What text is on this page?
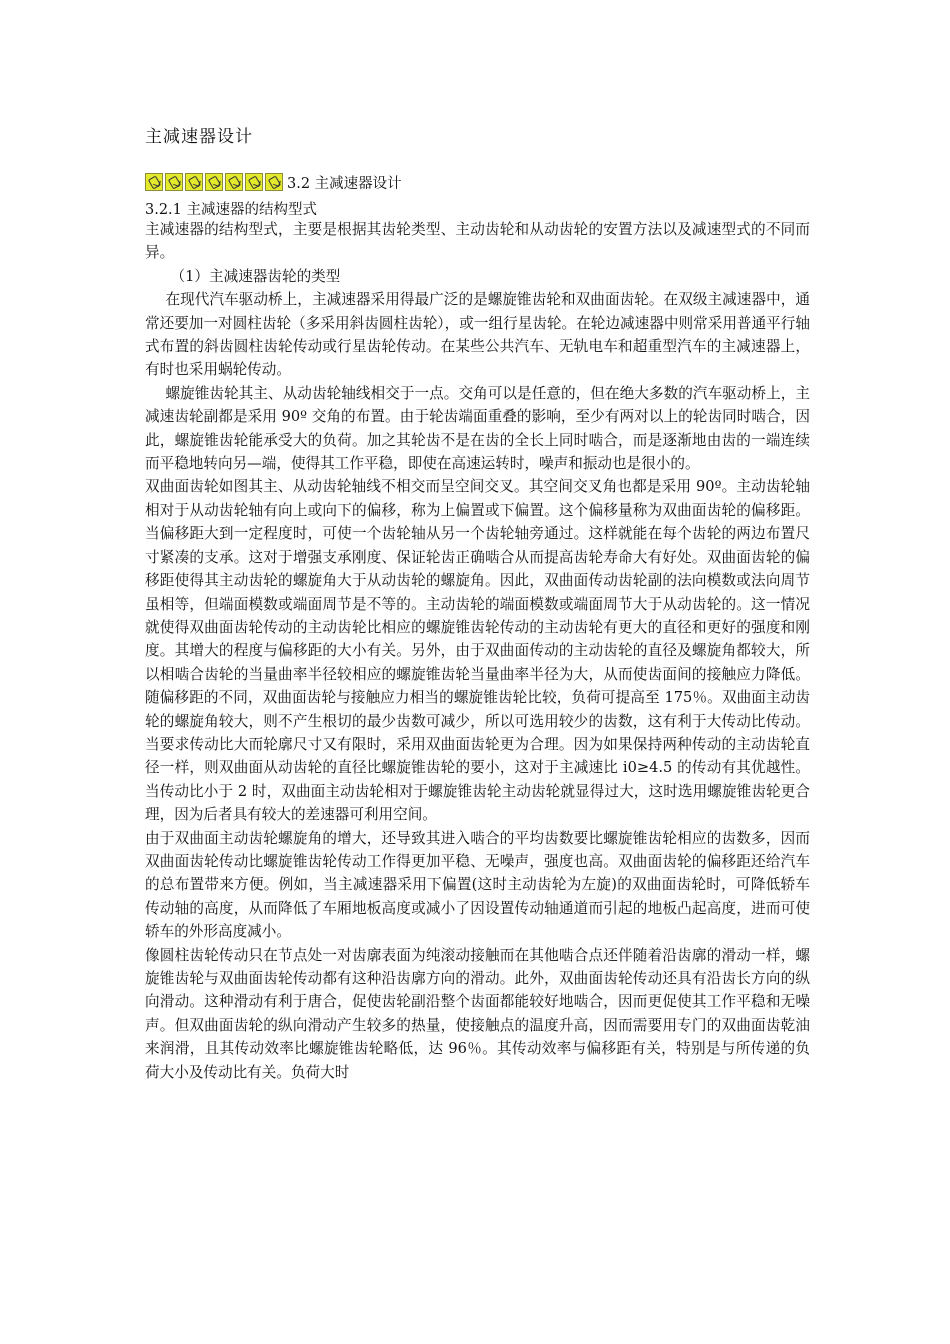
主减速器设计
3.2 主减速器设计
3.2.1 主减速器的结构型式

主减速器的结构型式，主要是根据其齿轮类型、主动齿轮和从动齿轮的安置方法以及减速型式的不同而异。

（1）主减速器齿轮的类型

在现代汽车驱动桥上，主减速器采用得最广泛的是螺旋锥齿轮和双曲面齿轮。在双级主减速器中，通常还要加一对圆柱齿轮（多采用斜齿圆柱齿轮），或一组行星齿轮。在轮边减速器中则常采用普通平行轴式布置的斜齿圆柱齿轮传动或行星齿轮传动。在某些公共汽车、无轨电车和超重型汽车的主减速器上，有时也采用蜗轮传动。

螺旋锥齿轮其主、从动齿轮轴线相交于一点。交角可以是任意的，但在绝大多数的汽车驱动桥上，主减速齿轮副都是采用 90º 交角的布置。由于轮齿端面重叠的影响，至少有两对以上的轮齿同时啮合，因此，螺旋锥齿轮能承受大的负荷。加之其轮齿不是在齿的全长上同时啮合，而是逐渐地由齿的一端连续而平稳地转向另—端，使得其工作平稳，即使在高速运转时，噪声和振动也是很小的。

双曲面齿轮如图其主、从动齿轮轴线不相交而呈空间交叉。其空间交叉角也都是采用 90º。主动齿轮轴相对于从动齿轮轴有向上或向下的偏移，称为上偏置或下偏置。这个偏移量称为双曲面齿轮的偏移距。当偏移距大到一定程度时，可使一个齿轮轴从另一个齿轮轴旁通过。这样就能在每个齿轮的两边布置尺寸紧凑的支承。这对于增强支承刚度、保证轮齿正确啮合从而提高齿轮寿命大有好处。双曲面齿轮的偏移距使得其主动齿轮的螺旋角大于从动齿轮的螺旋角。因此，双曲面传动齿轮副的法向模数或法向周节虽相等，但端面模数或端面周节是不等的。主动齿轮的端面模数或端面周节大于从动齿轮的。这一情况就使得双曲面齿轮传动的主动齿轮比相应的螺旋锥齿轮传动的主动齿轮有更大的直径和更好的强度和刚度。其增大的程度与偏移距的大小有关。另外，由于双曲面传动的主动齿轮的直径及螺旋角都较大，所以相啮合齿轮的当量曲率半径较相应的螺旋锥齿轮当量曲率半径为大，从而使齿面间的接触应力降低。随偏移距的不同，双曲面齿轮与接触应力相当的螺旋锥齿轮比较，负荷可提高至 175％。双曲面主动齿轮的螺旋角较大，则不产生根切的最少齿数可减少，所以可选用较少的齿数，这有利于大传动比传动。当要求传动比大而轮廓尺寸又有限时，采用双曲面齿轮更为合理。因为如果保持两种传动的主动齿轮直径一样，则双曲面从动齿轮的直径比螺旋锥齿轮的要小，这对于主减速比 i0≥4.5 的传动有其优越性。当传动比小于 2 时，双曲面主动齿轮相对于螺旋锥齿轮主动齿轮就显得过大，这时选用螺旋锥齿轮更合理，因为后者具有较大的差速器可利用空间。

由于双曲面主动齿轮螺旋角的增大，还导致其进入啮合的平均齿数要比螺旋锥齿轮相应的齿数多，因而双曲面齿轮传动比螺旋锥齿轮传动工作得更加平稳、无噪声，强度也高。双曲面齿轮的偏移距还给汽车的总布置带来方便。例如，当主减速器采用下偏置(这时主动齿轮为左旋)的双曲面齿轮时，可降低轿车传动轴的高度，从而降低了车厢地板高度或减小了因设置传动轴通道而引起的地板凸起高度，进而可使轿车的外形高度减小。

像圆柱齿轮传动只在节点处一对齿廓表面为纯滚动接触而在其他啮合点还伴随着沿齿廓的滑动一样，螺旋锥齿轮与双曲面齿轮传动都有这种沿齿廓方向的滑动。此外，双曲面齿轮传动还具有沿齿长方向的纵向滑动。这种滑动有利于唐合，促使齿轮副沿整个齿面都能较好地啮合，因而更促使其工作平稳和无噪声。但双曲面齿轮的纵向滑动产生较多的热量，使接触点的温度升高，因而需要用专门的双曲面齿乾油来润滑，且其传动效率比螺旋锥齿轮略低，达 96％。其传动效率与偏移距有关，特别是与所传递的负荷大小及传动比有关。负荷大时
